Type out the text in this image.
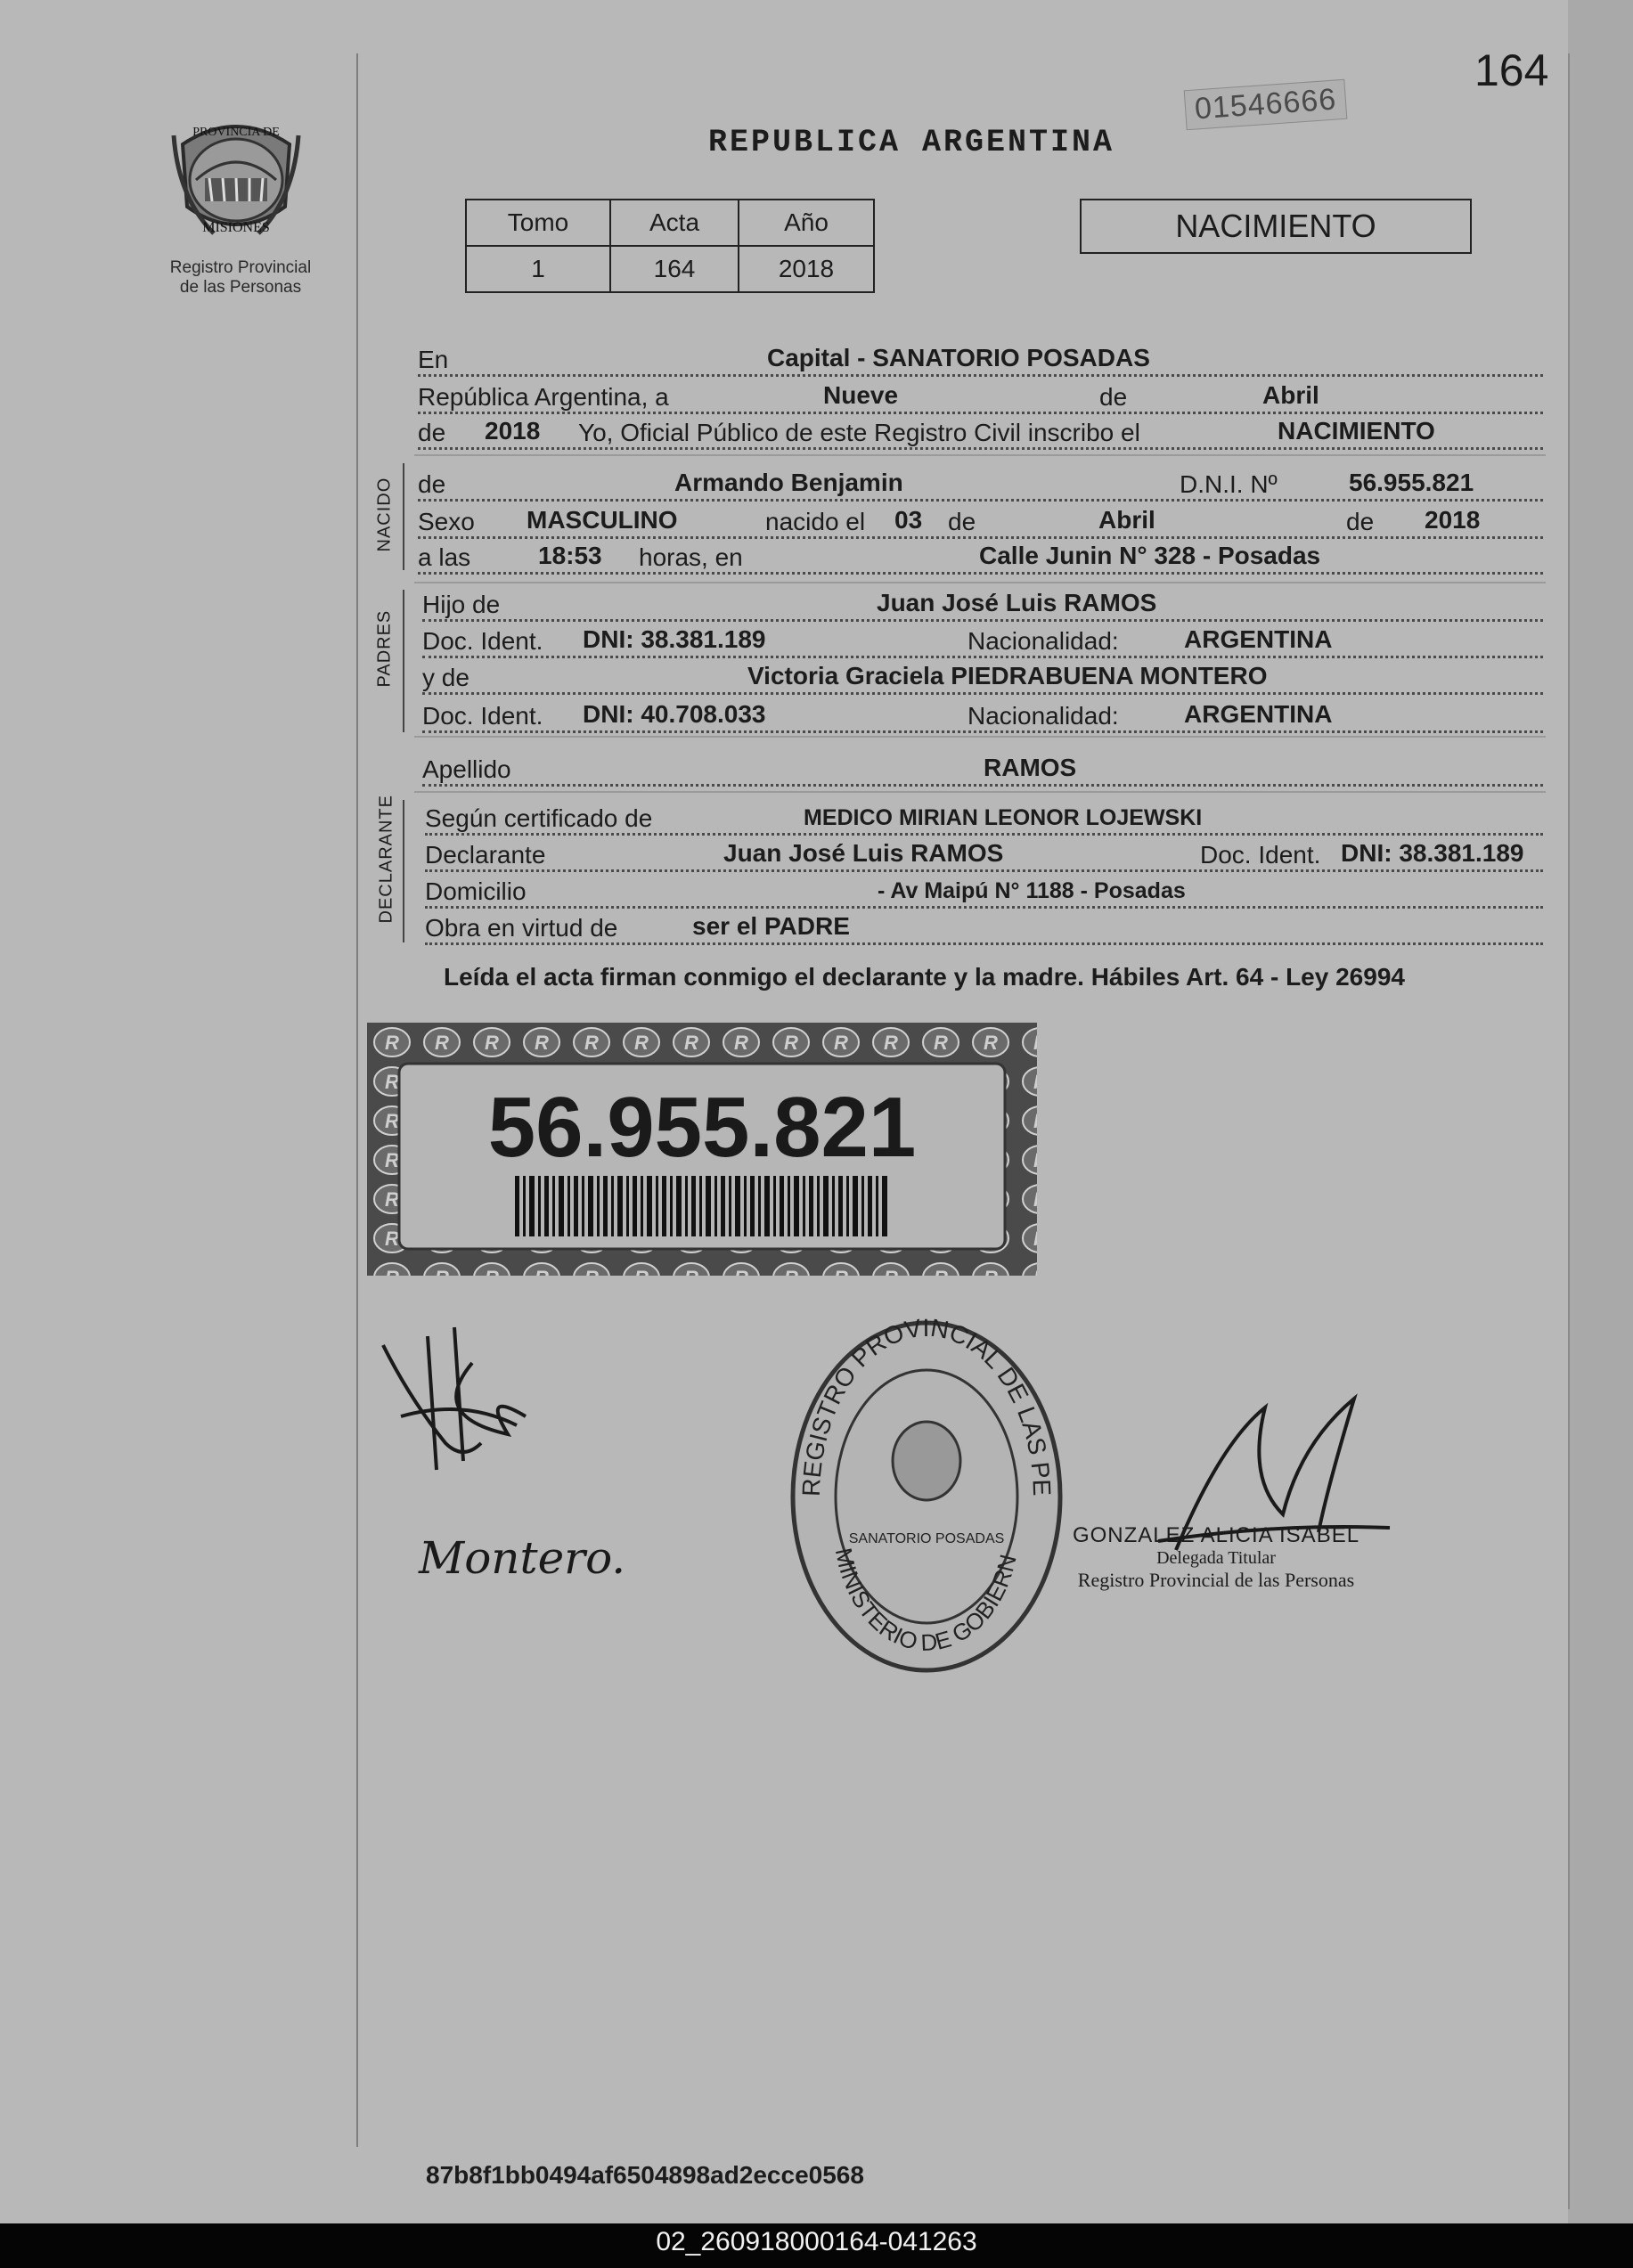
164
01546666
REPUBLICA ARGENTINA
PROVINCIA DE
MISIONES
Registro Provincial
de las Personas
Tomo	Acta	Año
1	164	2018
NACIMIENTO
En	Capital - SANATORIO POSADAS
República Argentina, a	Nueve	de	Abril
de 2018 Yo, Oficial Público de este Registro Civil inscribo el	NACIMIENTO
NACIDO de	Armando Benjamin	D.N.I. Nº	56.955.821
Sexo MASCULINO	nacido el 03 de	Abril	de 2018
a las	18:53 horas, en	Calle Junin N° 328 - Posadas
PADRES
Hijo de	Juan José Luis RAMOS
Doc. Ident. DNI: 38.381.189	Nacionalidad:	ARGENTINA
y de	Victoria Graciela PIEDRABUENA MONTERO
Doc. Ident. DNI: 40.708.033	Nacionalidad:	ARGENTINA
Apellido	RAMOS
DECLARANTE Según certificado de	MEDICO MIRIAN LEONOR LOJEWSKI
Declarante	Juan José Luis RAMOS	Doc. Ident. DNI: 38.381.189
Domicilio	- Av Maipú N° 1188 - Posadas
Obra en virtud de	ser el PADRE
Leída el acta firman conmigo el declarante y la madre. Hábiles Art. 64 - Ley 26994
56.955.821
Montero.
REGISTRO PROVINCIAL DE LAS PE
MINISTERIO DE GOBIERN
SANATORIO POSADAS	GONZALEZ ALICIA ISABEL
Delegada Titular
Registro Provincial de las Personas
87b8f1bb0494af6504898ad2ecce0568
02_260918000164-041263
